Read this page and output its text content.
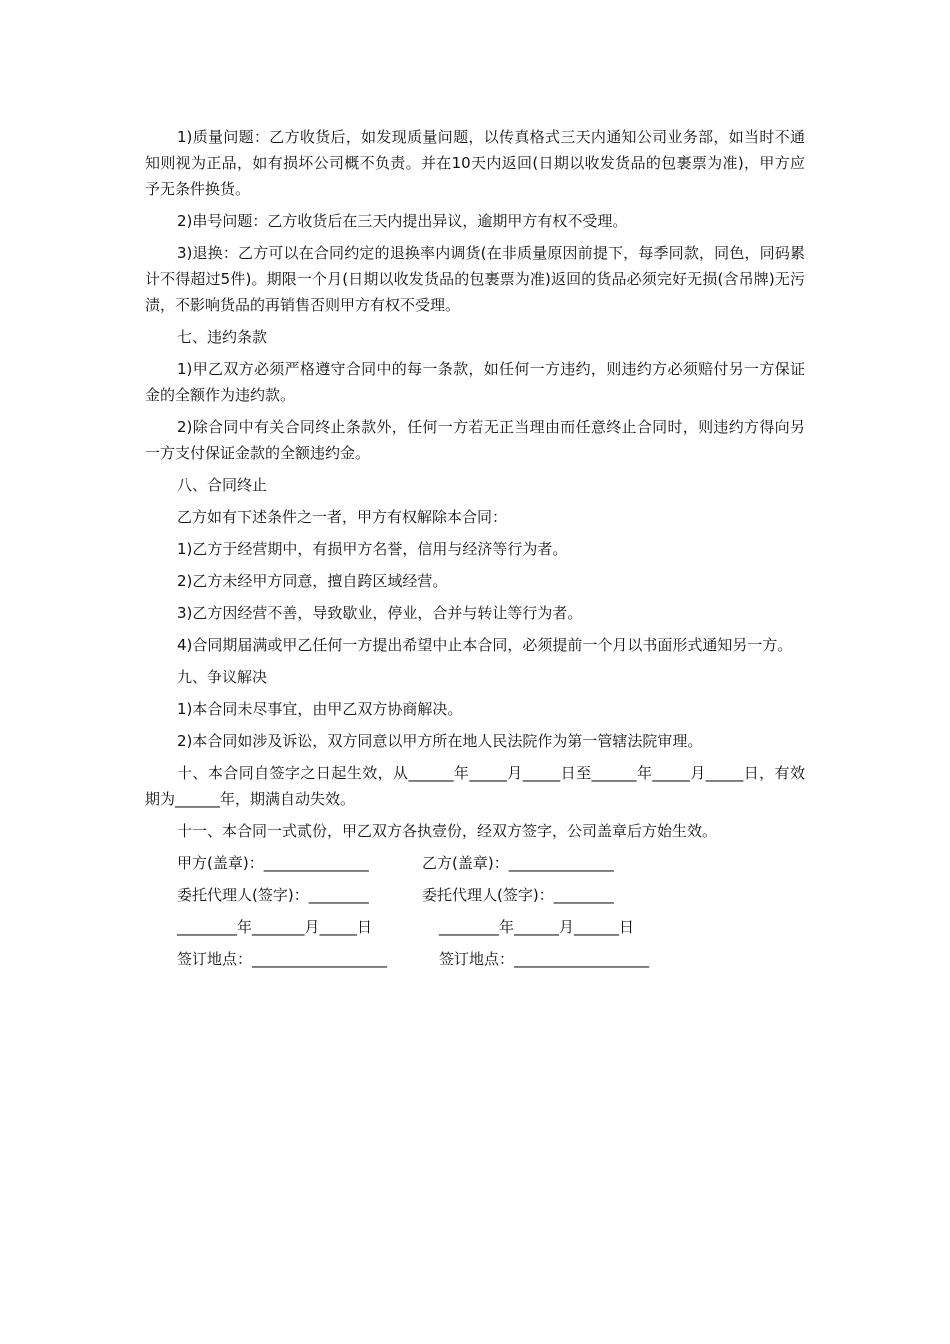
1)质量问题：乙方收货后，如发现质量问题，以传真格式三天内通知公司业务部，如当时不通知则视为正品，如有损坏公司概不负责。并在10天内返回(日期以收发货品的包裹票为准)，甲方应予无条件换货。

2)串号问题：乙方收货后在三天内提出异议，逾期甲方有权不受理。

3)退换：乙方可以在合同约定的退换率内调货(在非质量原因前提下，每季同款，同色，同码累计不得超过5件)。期限一个月(日期以收发货品的包裹票为准)返回的货品必须完好无损(含吊牌)无污渍，不影响货品的再销售否则甲方有权不受理。

七、违约条款

1)甲乙双方必须严格遵守合同中的每一条款，如任何一方违约，则违约方必须赔付另一方保证金的全额作为违约款。

2)除合同中有关合同终止条款外，任何一方若无正当理由而任意终止合同时，则违约方得向另一方支付保证金款的全额违约金。

八、合同终止

乙方如有下述条件之一者，甲方有权解除本合同：

1)乙方于经营期中，有损甲方名誉，信用与经济等行为者。

2)乙方未经甲方同意，擅自跨区域经营。

3)乙方因经营不善，导致歇业，停业，合并与转让等行为者。

4)合同期届满或甲乙任何一方提出希望中止本合同，必须提前一个月以书面形式通知另一方。

九、争议解决

1)本合同未尽事宜，由甲乙双方协商解决。

2)本合同如涉及诉讼，双方同意以甲方所在地人民法院作为第一管辖法院审理。

十、本合同自签字之日起生效，从______年_____月_____日至______年_____月_____日，有效期为______年，期满自动失效。

十一、本合同一式贰份，甲乙双方各执壹份，经双方签字，公司盖章后方始生效。

甲方(盖章)：______________	乙方(盖章)：______________
委托代理人(签字)：________	委托代理人(签字)：________
________年_______月_____日	________年______月______日
签订地点：__________________	签订地点：__________________
